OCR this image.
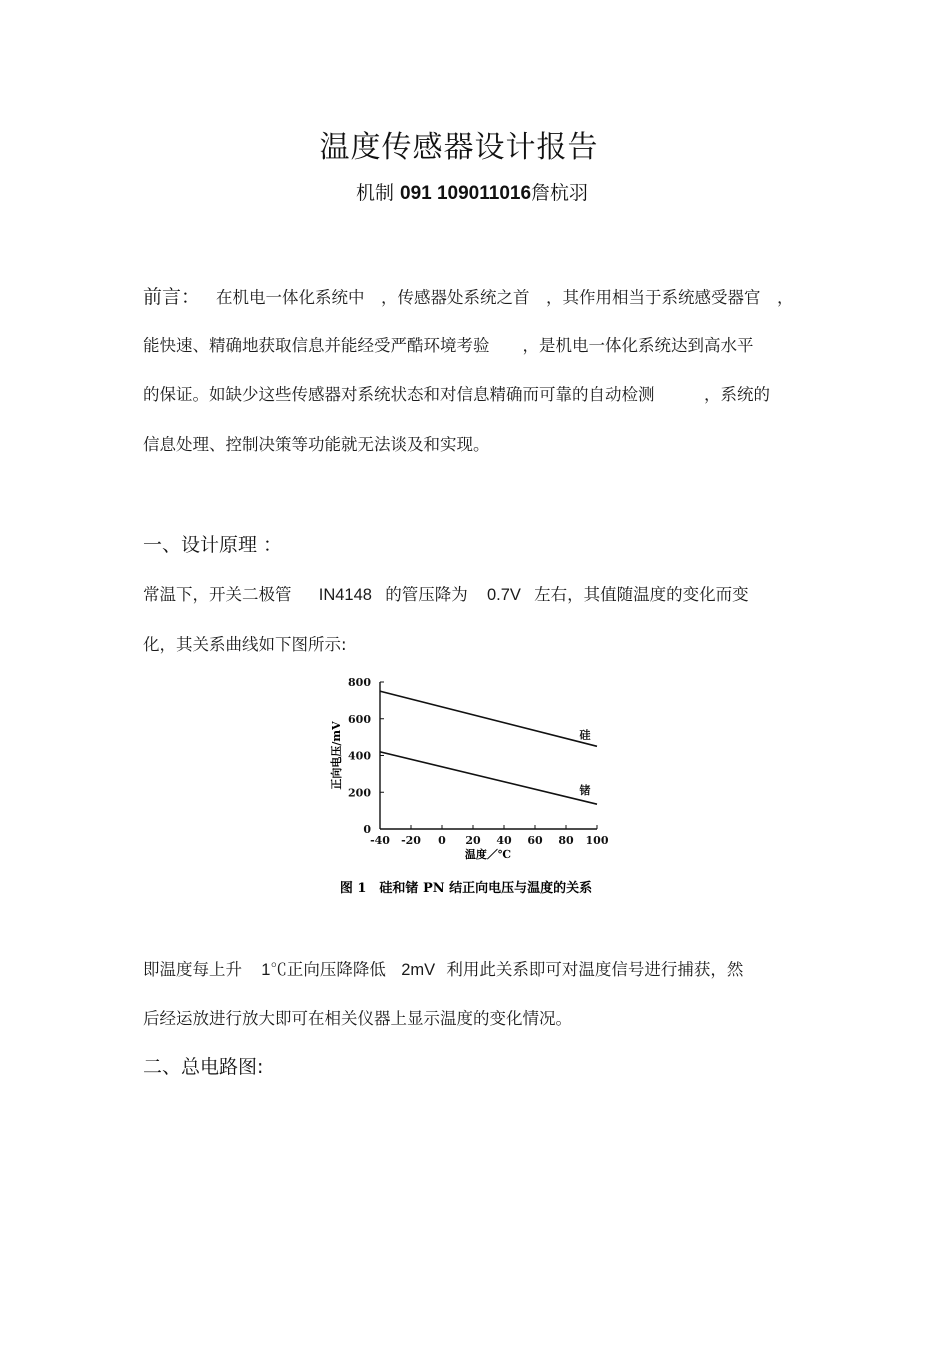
温度传感器设计报告
机制 091 109011016詹杭羽
前言： 在机电一体化系统中　，传感器处系统之首　，其作用相当于系统感受器官　，
能快速、精确地获取信息并能经受严酷环境考验　　，是机电一体化系统达到高水平
的保证。如缺少这些传感器对系统状态和对信息精确而可靠的自动检测　　　，系统的
信息处理、控制决策等功能就无法谈及和实现。
一、设计原理 ：
常温下，开关二极管 IN4148 的管压降为 0.7V 左右，其值随温度的变化而变
化，其关系曲线如下图所示:
-40 -20 0 20 40 60 80 100
0
200
400
600
800
硅
锗
正向电压/mV
温度／℃
图 1　硅和锗 PN 结正向电压与温度的关系
即温度每上升 1℃正向压降降低 2mV 利用此关系即可对温度信号进行捕获，然
后经运放进行放大即可在相关仪器上显示温度的变化情况。
二、总电路图:
